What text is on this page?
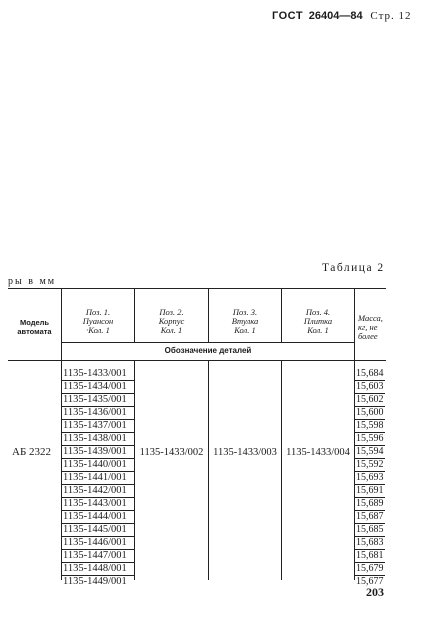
ГОСТ 26404—84 Стр. 12
Таблица 2
ры в мм
Модель
автомата
Поз. 1.
Пуансон
·Кол. 1
Поз. 2.
Корпус
Кол. 1
Поз. 3.
Втулка
Кол. 1
Поз. 4.
Плитка
Кол. 1
Масса,
кг, не
более
Обозначение деталей
АБ 2322
1135-1433/001
1135-1434/001
1135-1435/001
1135-1436/001
1135-1437/001
1135-1438/001
1135-1439/001
1135-1440/001
1135-1441/001
1135-1442/001
1135-1443/001
1135-1444/001
1135-1445/001
1135-1446/001
1135-1447/001
1135-1448/001
1135-1449/001
1135-1433/002 1135-1433/003 1135-1433/004
15,684
15,603
15,602
15,600
15,598
15,596
15,594
15,592
15,693
15,691
15,689
15,687
15,685
15,683
15,681
15,679
15,677
203
